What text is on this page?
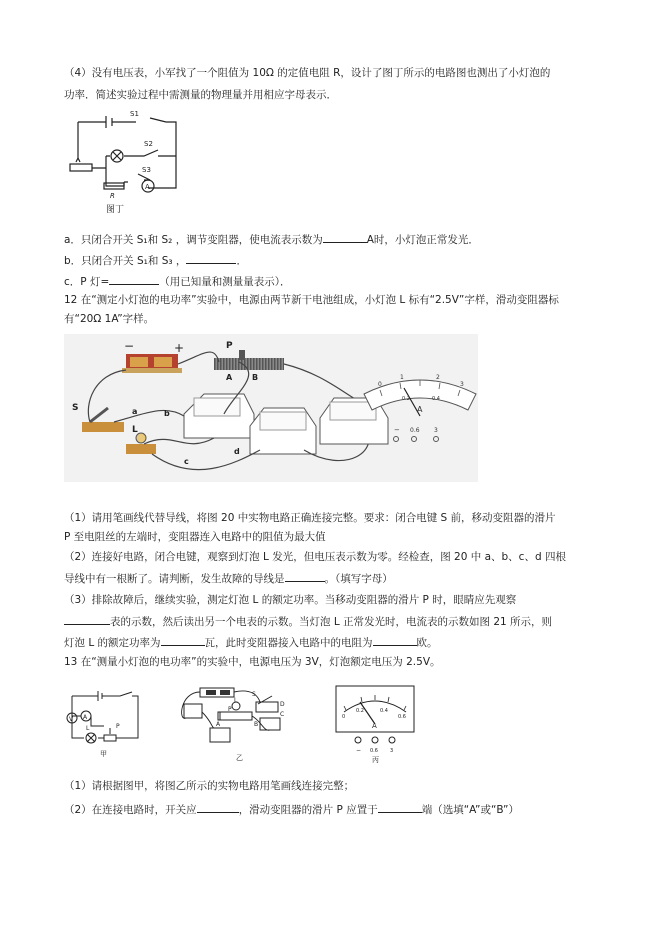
（4）没有电压表，小军找了一个阻值为 10Ω 的定值电阻 R，设计了图丁所示的电路图也测出了小灯泡的
功率．简述实验过程中需测量的物理量并用相应字母表示．
S1
S2
S3
R
A
图丁
a．只闭合开关 S₁和 S₂ ，调节变阻器，使电流表示数为	A时，小灯泡正常发光．
b．只闭合开关 S₁和 S₃ ，	．
c．P 灯=	（用已知量和测量量表示）．
12 在“测定小灯泡的电功率”实验中，电源由两节新干电池组成，小灯泡 L 标有“2.5V”字样，滑动变阻器标
有“20Ω 1A”字样。
−	+	P
A B
S
L
a	b
c
d
0
1	2
3
0.2	0.4
A
− 0.6 3
（1）请用笔画线代替导线，将图 20 中实物电路正确连接完整。要求：闭合电键 S 前，移动变阻器的滑片
P 至电阻丝的左端时，变阻器连入电路中的阻值为最大值
（2）连接好电路，闭合电键，观察到灯泡 L 发光，但电压表示数为零。经检查，图 20 中 a、b、c、d 四根
导线中有一根断了。请判断，发生故障的导线是	。（填写字母）
（3）排除故障后，继续实验，测定灯泡 L 的额定功率。当移动变阻器的滑片 P 时，眼睛应先观察
表的示数，然后读出另一个电表的示数。当灯泡 L 正常发光时，电流表的示数如图 21 所示，则
灯泡 L 的额定功率为	瓦，此时变阻器接入电路中的电阻为	欧。
13 在“测量小灯泡的电功率”的实验中，电源电压为 3V，灯泡额定电压为 2.5V。
V A
L	P
甲
S
L
P
A	B
C
D
乙
0
0.2	0.4
0.6
A
− 0.6 3
丙
（1）请根据图甲，将图乙所示的实物电路用笔画线连接完整；
（2）在连接电路时，开关应	，滑动变阻器的滑片 P 应置于	端（选填“A”或“B”）
